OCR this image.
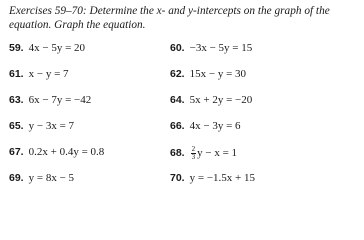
Exercises 59–70: Determine the x- and y-intercepts on the graph of the equation. Graph the equation.
59. 4x − 5y = 20	60. −3x − 5y = 15
61. x − y = 7	62. 15x − y = 30
63. 6x − 7y = −42	64. 5x + 2y = −20
65. y − 3x = 7	66. 4x − 3y = 6
67. 0.2x + 0.4y = 0.8	68. $\frac{2}{3}$ y − x = 1
69. y = 8x − 5	70. y = −1.5x + 15
